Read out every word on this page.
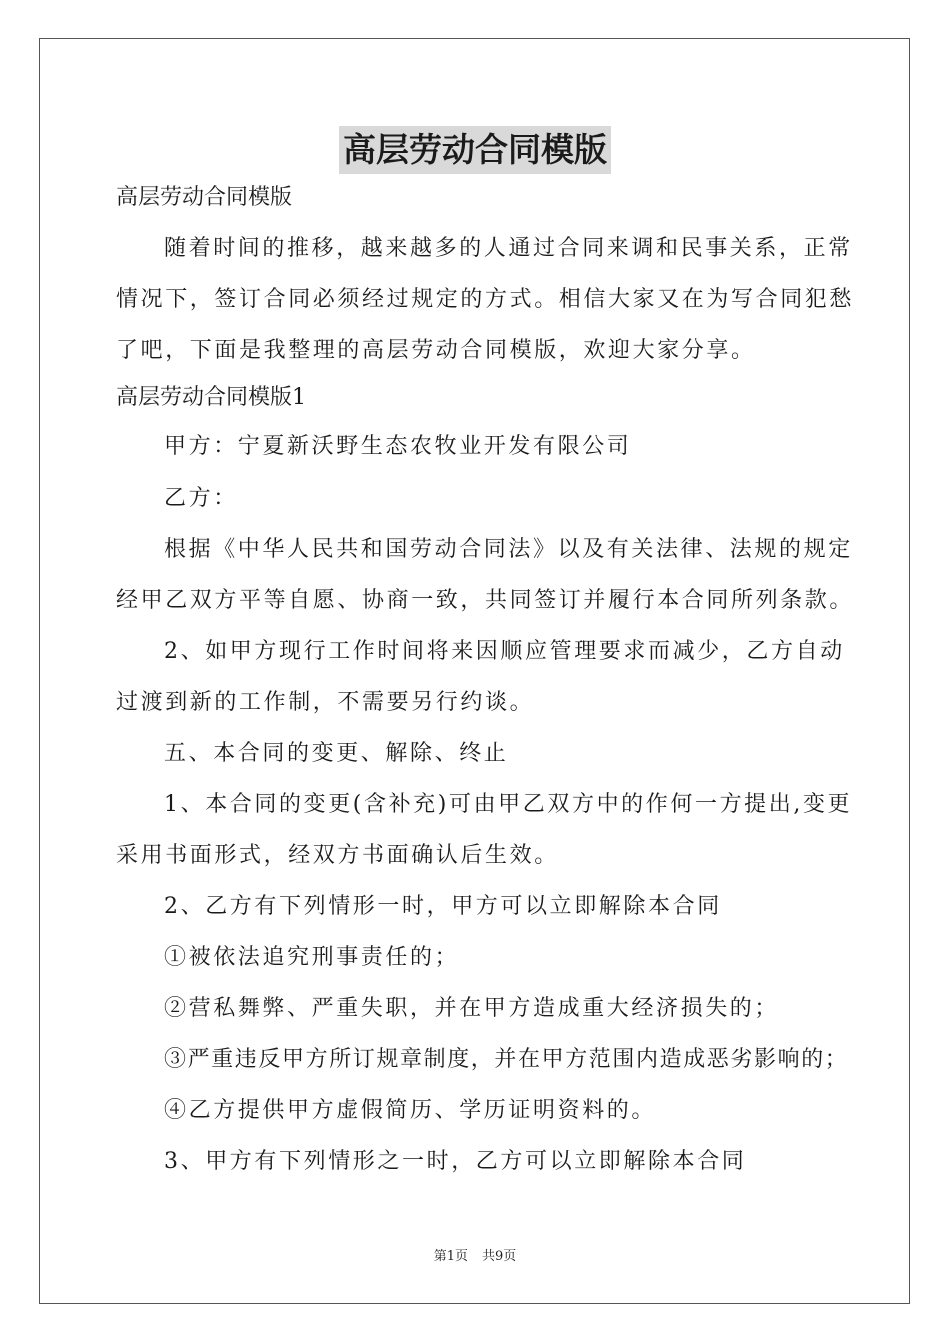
高层劳动合同模版
高层劳动合同模版
随着时间的推移，越来越多的人通过合同来调和民事关系，正常
情况下，签订合同必须经过规定的方式。相信大家又在为写合同犯愁
了吧，下面是我整理的高层劳动合同模版，欢迎大家分享。
高层劳动合同模版1
甲方：宁夏新沃野生态农牧业开发有限公司
乙方：
根据《中华人民共和国劳动合同法》以及有关法律、法规的规定
经甲乙双方平等自愿、协商一致，共同签订并履行本合同所列条款。
2、如甲方现行工作时间将来因顺应管理要求而减少，乙方自动
过渡到新的工作制，不需要另行约谈。
五、本合同的变更、解除、终止
1、本合同的变更(含补充)可由甲乙双方中的作何一方提出,变更
采用书面形式，经双方书面确认后生效。
2、乙方有下列情形一时，甲方可以立即解除本合同
①被依法追究刑事责任的；
②营私舞弊、严重失职，并在甲方造成重大经济损失的；
③严重违反甲方所订规章制度，并在甲方范围内造成恶劣影响的；
④乙方提供甲方虚假简历、学历证明资料的。
3、甲方有下列情形之一时，乙方可以立即解除本合同
第1页 共9页
